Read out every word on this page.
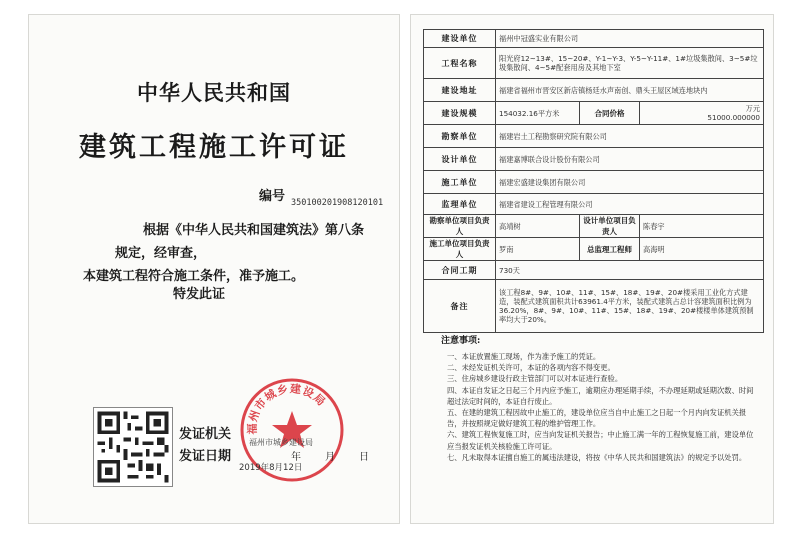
中华人民共和国
建筑工程施工许可证
编号 350100201908120101
根据《中华人民共和国建筑法》第八条规定，经审查，
本建筑工程符合施工条件，准予施工。
特发此证
福州市城乡建设局
发证机关
福州市城乡建设局
发证日期	年 月 日
2019年8月12日
建设单位	福州中冠盛实业有限公司		
工程名称	阳光府12~13#、15~20#、Y-1~Y-3、Y-5~Y-11#、1#垃圾集散间、3~5#垃圾集散间、4~5#配套用房及其地下室		
建设地址	福建省福州市晋安区新店镇杨廷水声南创、鼎头王屋区域连地块内		
建设规模	154032.16平方米	合同价格	万元
51000.000000
勘察单位	福建岩土工程勘察研究院有限公司		
设计单位	福建嘉博联合设计股份有限公司		
施工单位	福建宏盛建设集团有限公司		
监理单位	福建省建设工程管理有限公司		
勘察单位项目负责人	高靖树	设计单位项目负责人	陈春宇
施工单位项目负责人	罗南	总监理工程师	高海明
合同工期	730天		
备注	该工程8#、9#、10#、11#、15#、18#、19#、20#楼采用工业化方式建造，装配式建筑面积共计63961.4平方米，装配式建筑占总计容建筑面积比例为36.20%，8#、9#、10#、11#、15#、18#、19#、20#楼楼单体建筑预制率均大于20%。		
注意事项:
一、本证放置施工现场，作为准予施工的凭证。
二、未经发证机关许可，本证的各项内容不得变更。
三、住房城乡建设行政主管部门可以对本证进行查验。
四、本证自发证之日起三个月内应予施工，逾期应办理延期手续，不办理延期或延期次数、时间超过法定时间的，本证自行废止。
五、在建的建筑工程因故中止施工的，建设单位应当自中止施工之日起一个月内向发证机关报告，并按照规定做好建筑工程的维护管理工作。
六、建筑工程恢复施工时，应当向发证机关报告；中止施工满一年的工程恢复施工前，建设单位应当报发证机关核验施工许可证。
七、凡未取得本证擅自施工的属违法建设，将按《中华人民共和国建筑法》的规定予以处罚。
